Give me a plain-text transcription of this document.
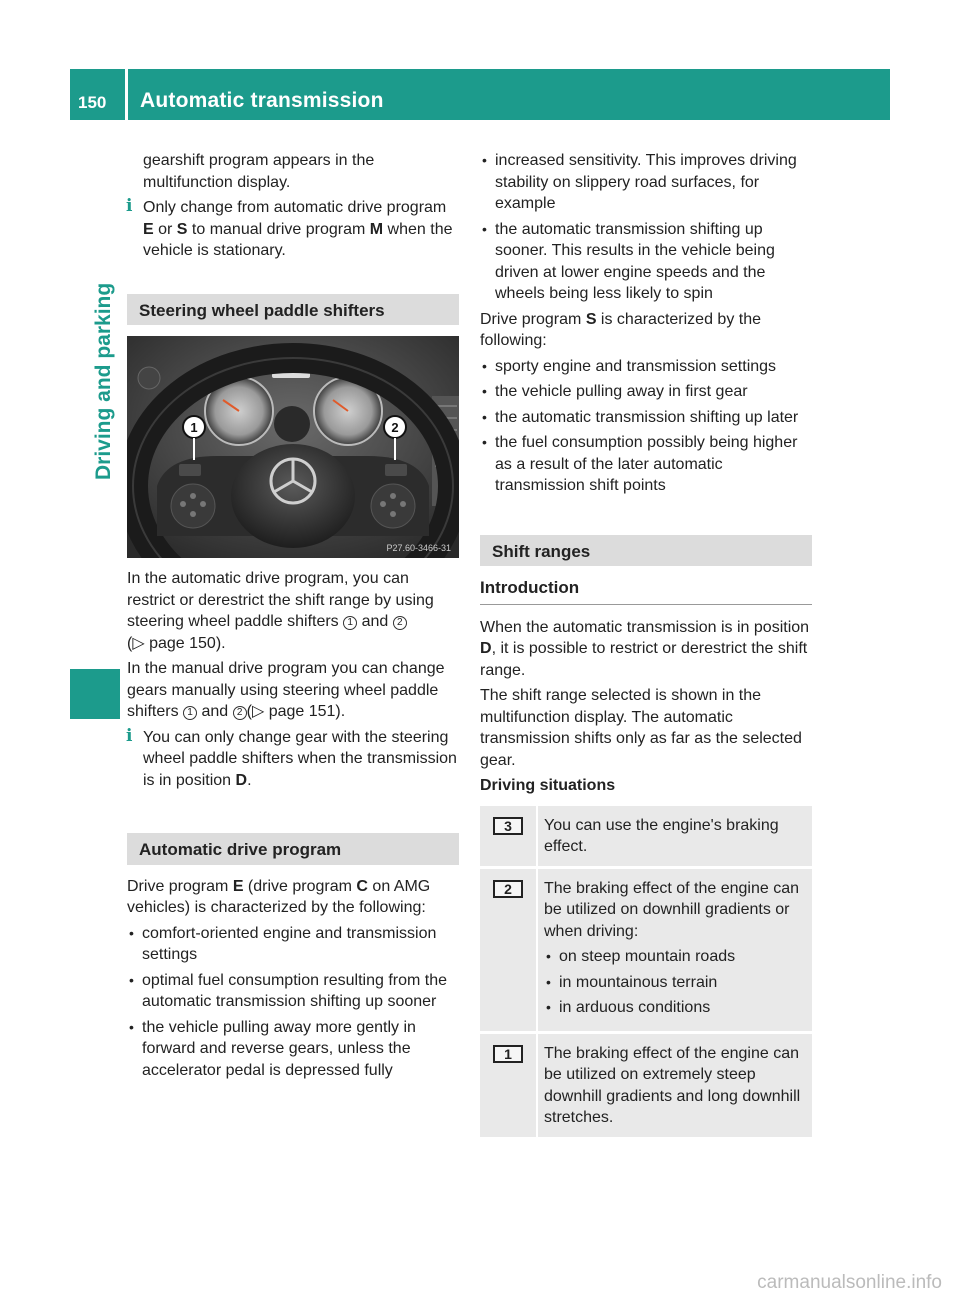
150 Automatic transmission
Driving and parking

gearshift program appears in the multifunction display.

i Only change from automatic drive program E or S to manual drive program M when the vehicle is stationary.
Steering wheel paddle shifters
1	2
P27.60-3466-31

In the automatic drive program, you can restrict or derestrict the shift range by using steering wheel paddle shifters 1 and 2
(▷ page 150).

In the manual drive program you can change gears manually using steering wheel paddle shifters 1 and 2 (▷ page 151).

i You can only change gear with the steering wheel paddle shifters when the transmission is in position D.
Automatic drive program

Drive program E (drive program C on AMG vehicles) is characterized by the following:

• comfort-oriented engine and transmission settings
• optimal fuel consumption resulting from the automatic transmission shifting up sooner
• the vehicle pulling away more gently in forward and reverse gears, unless the accelerator pedal is depressed fully
• increased sensitivity. This improves driving stability on slippery road surfaces, for example
• the automatic transmission shifting up sooner. This results in the vehicle being driven at lower engine speeds and the wheels being less likely to spin

Drive program S is characterized by the following:

• sporty engine and transmission settings
• the vehicle pulling away in first gear
• the automatic transmission shifting up later
• the fuel consumption possibly being higher as a result of the later automatic transmission shift points
Shift ranges
Introduction

When the automatic transmission is in position D, it is possible to restrict or derestrict the shift range.

The shift range selected is shown in the multifunction display. The automatic transmission shifts only as far as the selected gear.

Driving situations
3	You can use the engine's braking effect.

2	The braking effect of the engine can be utilized on downhill gradients or when driving:
• on steep mountain roads
• in mountainous terrain
• in arduous conditions

1	The braking effect of the engine can be utilized on extremely steep downhill gradients and long downhill stretches.
carmanualsonline.info
